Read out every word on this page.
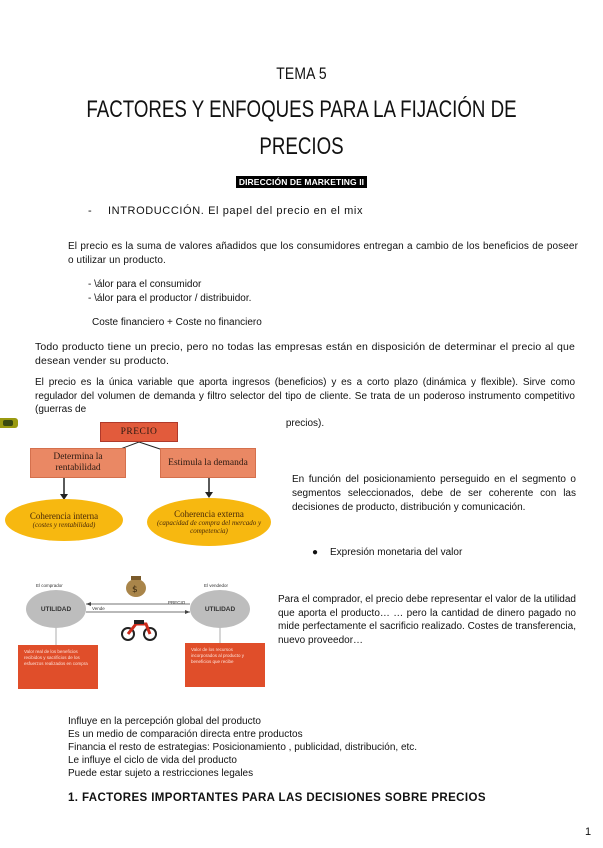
TEMA 5
FACTORES Y ENFOQUES PARA LA FIJACIÓN DE
PRECIOS
DIRECCIÓN DE MARKETING II
- INTRODUCCIÓN. El papel del precio en el mix
El precio es la suma de valores añadidos que los consumidores entregan a cambio de los beneficios de poseer o utilizar un producto.
- \álor para el consumidor
- \álor para el productor / distribuidor.
Coste financiero + Coste no financiero
Todo producto tiene un precio, pero no todas las empresas están en disposición de determinar el precio al que desean vender su producto.
El precio es la única variable que aporta ingresos (beneficios) y es a corto plazo (dinámica y flexible). Sirve como regulador del volumen de demanda y filtro selector del tipo de cliente. Se trata de un poderoso instrumento competitivo (guerras de
precios).
PRECIO
Determina la rentabilidad
Estimula la demanda
Coherencia interna
(costes y rentabilidad)
Coherencia externa
(capacidad de compra del mercado y competencia)
En función del posicionamiento perseguido en el segmento o segmentos seleccionados, debe de ser coherente con las decisiones de producto, distribución y comunicación.
● Expresión monetaria del valor
El comprador	El vendedor
UTILIDAD	UTILIDAD
$
PRECIO
Vende
Valor real de los beneficios recibidos y sacrificios de los esfuerzos realizados en compra
Valor de los recursos incorporados al producto y beneficios que recibe
Para el comprador, el precio debe representar el valor de la utilidad que aporta el producto… … pero la cantidad de dinero pagado no mide perfectamente el sacrificio realizado. Costes de transferencia, nuevo proveedor…
Influye en la percepción global del producto
Es un medio de comparación directa entre productos
Financia el resto de estrategias: Posicionamiento , publicidad, distribución, etc.
Le influye el ciclo de vida del producto
Puede estar sujeto a restricciones legales
1. FACTORES IMPORTANTES PARA LAS DECISIONES SOBRE PRECIOS
1
